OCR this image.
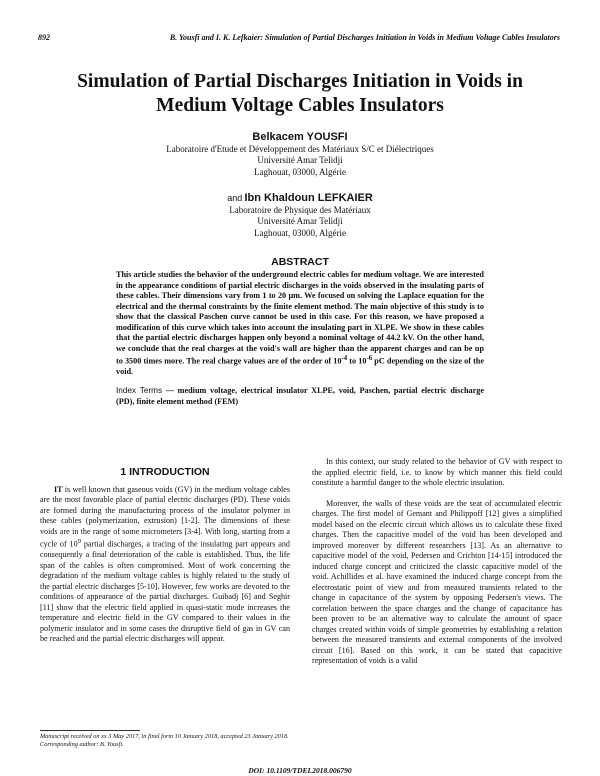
892	B. Yousfi and I. K. Lefkaier: Simulation of Partial Discharges Initiation in Voids in Medium Voltage Cables Insulators
Simulation of Partial Discharges Initiation in Voids in
Medium Voltage Cables Insulators
Belkacem YOUSFI
Laboratoire d'Etude et Développement des Matériaux S/C et Diélectriques
Université Amar Telidji
Laghouat, 03000, Algérie
and Ibn Khaldoun LEFKAIER
Laboratoire de Physique des Matériaux
Université Amar Telidji
Laghouat, 03000, Algérie
ABSTRACT
This article studies the behavior of the underground electric cables for medium voltage. We are interested in the appearance conditions of partial electric discharges in the voids observed in the insulating parts of these cables. Their dimensions vary from 1 to 20 µm. We focused on solving the Laplace equation for the electrical and the thermal constraints by the finite element method. The main objective of this study is to show that the classical Paschen curve cannot be used in this case. For this reason, we have proposed a modification of this curve which takes into account the insulating part in XLPE. We show in these cables that the partial electric discharges happen only beyond a nominal voltage of 44.2 kV. On the other hand, we conclude that the real charges at the void's wall are higher than the apparent charges and can be up to 3500 times more. The real charge values are of the order of $10^{-4}$ to $10^{-6}$ pC depending on the size of the void.
Index Terms — medium voltage, electrical insulator XLPE, void, Paschen, partial electric discharge (PD), finite element method (FEM)

1 INTRODUCTION

IT is well known that gaseous voids (GV) in the medium voltage cables are the most favorable place of partial electric discharges (PD). These voids are formed during the manufacturing process of the insulator polymer in these cables (polymerization, extrusion) [1-2]. The dimensions of these voids are in the range of some micrometers [3-4]. With long, starting from a cycle of $10^9$ partial discharges, a tracing of the insulating part appears and consequently a final deterioration of the cable is established. Thus, the life span of the cables is often compromised. Most of work concerning the degradation of the medium voltage cables is highly related to the study of the partial electric discharges [5-10]. However, few works are devoted to the conditions of appearance of the partial discharges. Guibadj [6] and Seghir [11] show that the electric field applied in quasi-static mode increases the temperature and electric field in the GV compared to their values in the polymeric insulator and in some cases the disruptive field of gas in GV can be reached and the partial electric discharges will appear.

In this context, our study related to the behavior of GV with respect to the applied electric field, i.e. to know by which manner this field could constitute a harmful danger to the whole electric insulation.

Moreover, the walls of these voids are the seat of accumulated electric charges. The first model of Gemant and Philippoff [12] gives a simplified model based on the electric circuit which allows us to calculate these fixed charges. Then the capacitive model of the void has been developed and improved moreover by different researchers [13]. As an alternative to capacitive model of the void, Pedersen and Crichton [14-15] introduced the induced charge concept and criticized the classic capacitive model of the void. Achillides et al. have examined the induced charge concept from the electrostatic point of view and from measured transients related to the change in capacitance of the system by opposing Pedersen's views. The correlation between the space charges and the change of capacitance has been proven to be an alternative way to calculate the amount of space charges created within voids of simple geometries by establishing a relation between the measured transients and external components of the involved circuit [16]. Based on this work, it can be stated that capacitive representation of voids is a valid

Manuscript received on xx 3 May 2017, in final form 10 January 2018, accepted 23 January 2018. Corresponding author: B. Yousfi.
DOI: 10.1109/TDEI.2018.006790
